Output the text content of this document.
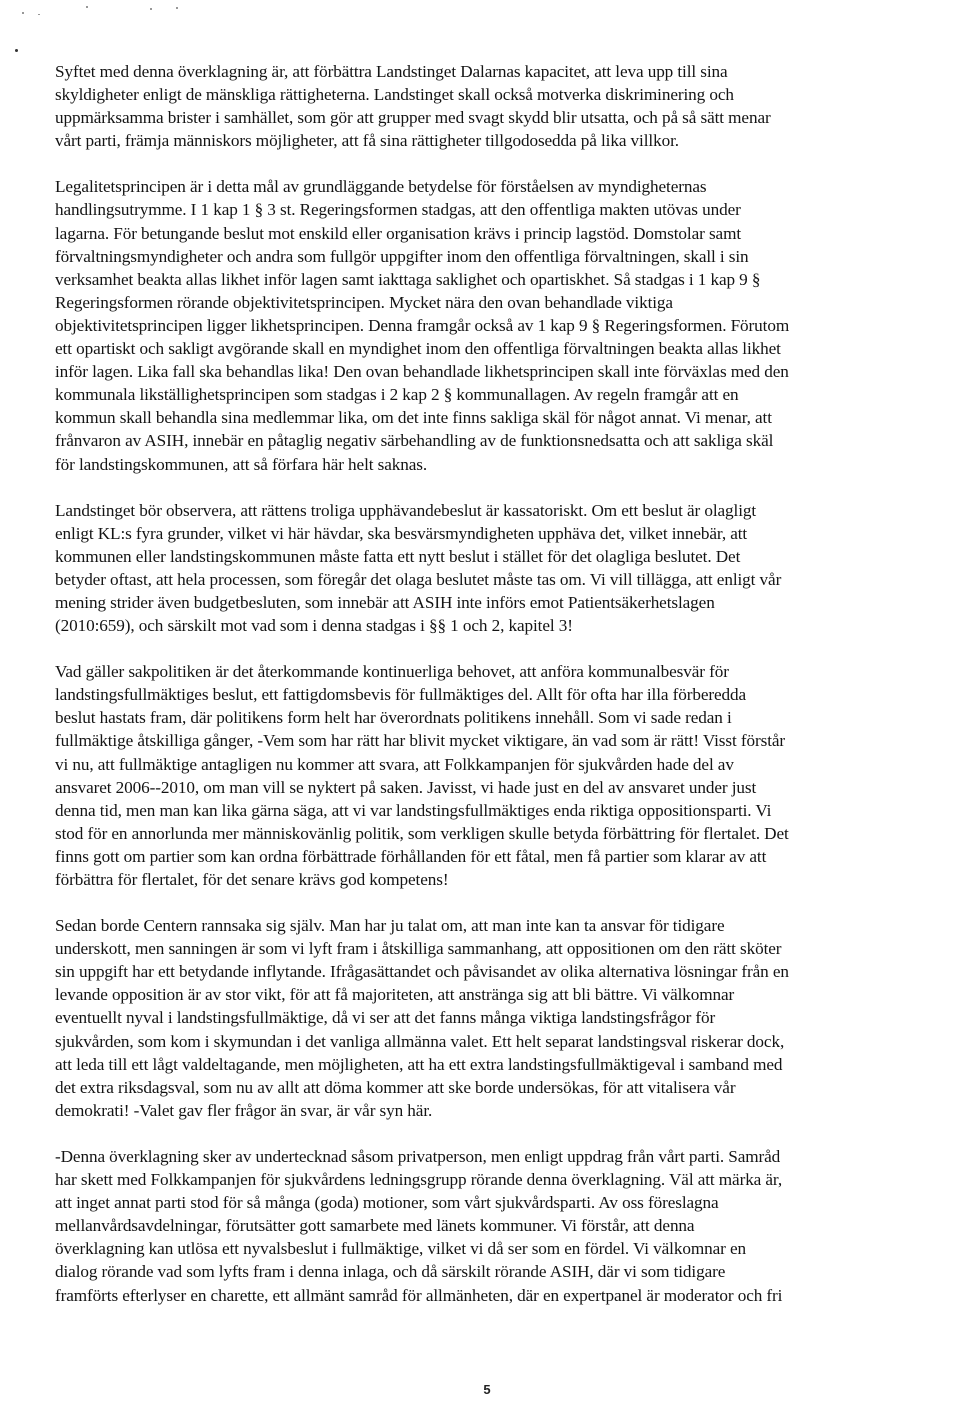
Syftet med denna överklagning är, att förbättra Landstinget Dalarnas kapacitet, att leva upp till sina
skyldigheter enligt de mänskliga rättigheterna. Landstinget skall också motverka diskriminering och
uppmärksamma brister i samhället, som gör att grupper med svagt skydd blir utsatta, och på så sätt menar
vårt parti, främja människors möjligheter, att få sina rättigheter tillgodosedda på lika villkor.
Legalitetsprincipen är i detta mål av grundläggande betydelse för förståelsen av myndigheternas
handlingsutrymme. I 1 kap 1 § 3 st. Regeringsformen stadgas, att den offentliga makten utövas under
lagarna. För betungande beslut mot enskild eller organisation krävs i princip lagstöd. Domstolar samt
förvaltningsmyndigheter och andra som fullgör uppgifter inom den offentliga förvaltningen, skall i sin
verksamhet beakta allas likhet inför lagen samt iakttaga saklighet och opartiskhet. Så stadgas i 1 kap 9 §
Regeringsformen rörande objektivitetsprincipen. Mycket nära den ovan behandlade viktiga
objektivitetsprincipen ligger likhetsprincipen. Denna framgår också av 1 kap 9 § Regeringsformen. Förutom
ett opartiskt och sakligt avgörande skall en myndighet inom den offentliga förvaltningen beakta allas likhet
inför lagen. Lika fall ska behandlas lika! Den ovan behandlade likhetsprincipen skall inte förväxlas med den
kommunala likställighetsprincipen som stadgas i 2 kap 2 § kommunallagen. Av regeln framgår att en
kommun skall behandla sina medlemmar lika, om det inte finns sakliga skäl för något annat. Vi menar, att
frånvaron av ASIH, innebär en påtaglig negativ särbehandling av de funktionsnedsatta och att sakliga skäl
för landstingskommunen, att så förfara här helt saknas.
Landstinget bör observera, att rättens troliga upphävandebeslut är kassatoriskt. Om ett beslut är olagligt
enligt KL:s fyra grunder, vilket vi här hävdar, ska besvärsmyndigheten upphäva det, vilket innebär, att
kommunen eller landstingskommunen måste fatta ett nytt beslut i stället för det olagliga beslutet. Det
betyder oftast, att hela processen, som föregår det olaga beslutet måste tas om. Vi vill tillägga, att enligt vår
mening strider även budgetbesluten, som innebär att ASIH inte införs emot Patientsäkerhetslagen
(2010:659), och särskilt mot vad som i denna stadgas i §§ 1 och 2, kapitel 3!
Vad gäller sakpolitiken är det återkommande kontinuerliga behovet, att anföra kommunalbesvär för
landstingsfullmäktiges beslut, ett fattigdomsbevis för fullmäktiges del. Allt för ofta har illa förberedda
beslut hastats fram, där politikens form helt har överordnats politikens innehåll. Som vi sade redan i
fullmäktige åtskilliga gånger, -Vem som har rätt har blivit mycket viktigare, än vad som är rätt! Visst förstår
vi nu, att fullmäktige antagligen nu kommer att svara, att Folkkampanjen för sjukvården hade del av
ansvaret 2006--2010, om man vill se nyktert på saken. Javisst, vi hade just en del av ansvaret under just
denna tid, men man kan lika gärna säga, att vi var landstingsfullmäktiges enda riktiga oppositionsparti. Vi
stod för en annorlunda mer människovänlig politik, som verkligen skulle betyda förbättring för flertalet. Det
finns gott om partier som kan ordna förbättrade förhållanden för ett fåtal, men få partier som klarar av att
förbättra för flertalet, för det senare krävs god kompetens!
Sedan borde Centern rannsaka sig själv. Man har ju talat om, att man inte kan ta ansvar för tidigare
underskott, men sanningen är som vi lyft fram i åtskilliga sammanhang, att oppositionen om den rätt sköter
sin uppgift har ett betydande inflytande. Ifrågasättandet och påvisandet av olika alternativa lösningar från en
levande opposition är av stor vikt, för att få majoriteten, att anstränga sig att bli bättre. Vi välkomnar
eventuellt nyval i landstingsfullmäktige, då vi ser att det fanns många viktiga landstingsfrågor för
sjukvården, som kom i skymundan i det vanliga allmänna valet. Ett helt separat landstingsval riskerar dock,
att leda till ett lågt valdeltagande, men möjligheten, att ha ett extra landstingsfullmäktigeval i samband med
det extra riksdagsval, som nu av allt att döma kommer att ske borde undersökas, för att vitalisera vår
demokrati! -Valet gav fler frågor än svar, är vår syn här.
-Denna överklagning sker av undertecknad såsom privatperson, men enligt uppdrag från vårt parti. Samråd
har skett med Folkkampanjen för sjukvårdens ledningsgrupp rörande denna överklagning. Väl att märka är,
att inget annat parti stod för så många (goda) motioner, som vårt sjukvårdsparti. Av oss föreslagna
mellanvårdsavdelningar, förutsätter gott samarbete med länets kommuner. Vi förstår, att denna
överklagning kan utlösa ett nyvalsbeslut i fullmäktige, vilket vi då ser som en fördel. Vi välkomnar en
dialog rörande vad som lyfts fram i denna inlaga, och då särskilt rörande ASIH, där vi som tidigare
framförts efterlyser en charette, ett allmänt samråd för allmänheten, där en expertpanel är moderator och fri
5
